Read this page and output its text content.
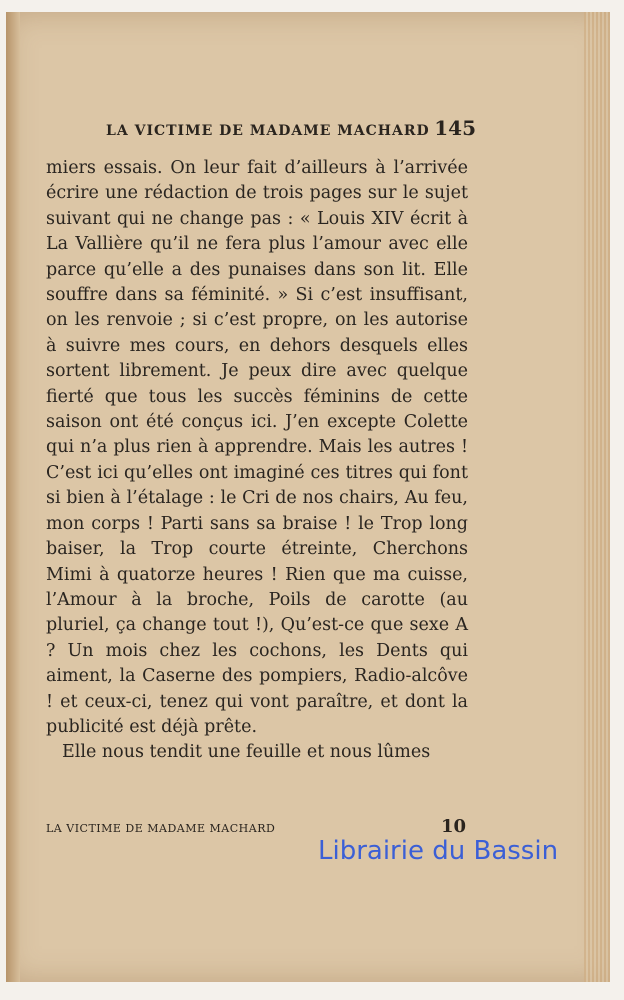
LA VICTIME DE MADAME MACHARD 145

miers essais. On leur fait d’ailleurs à l’arrivée écrire une rédaction de trois pages sur le sujet suivant qui ne change pas : « Louis XIV écrit à La Vallière qu’il ne fera plus l’amour avec elle parce qu’elle a des punaises dans son lit. Elle souffre dans sa féminité. » Si c’est insuffisant, on les renvoie ; si c’est propre, on les autorise à suivre mes cours, en dehors desquels elles sortent librement. Je peux dire avec quelque fierté que tous les succès féminins de cette saison ont été conçus ici. J’en excepte Colette qui n’a plus rien à apprendre. Mais les autres ! C’est ici qu’elles ont imaginé ces titres qui font si bien à l’étalage : le Cri de nos chairs, Au feu, mon corps ! Parti sans sa braise ! le Trop long baiser, la Trop courte étreinte, Cherchons Mimi à quatorze heures ! Rien que ma cuisse, l’Amour à la broche, Poils de carotte (au pluriel, ça change tout !), Qu’est-ce que sexe A ? Un mois chez les cochons, les Dents qui aiment, la Caserne des pompiers, Radio-alcôve ! et ceux-ci, tenez qui vont paraître, et dont la publicité est déjà prête.

Elle nous tendit une feuille et nous lûmes

LA VICTIME DE MADAME MACHARD	10
Librairie du Bassin
